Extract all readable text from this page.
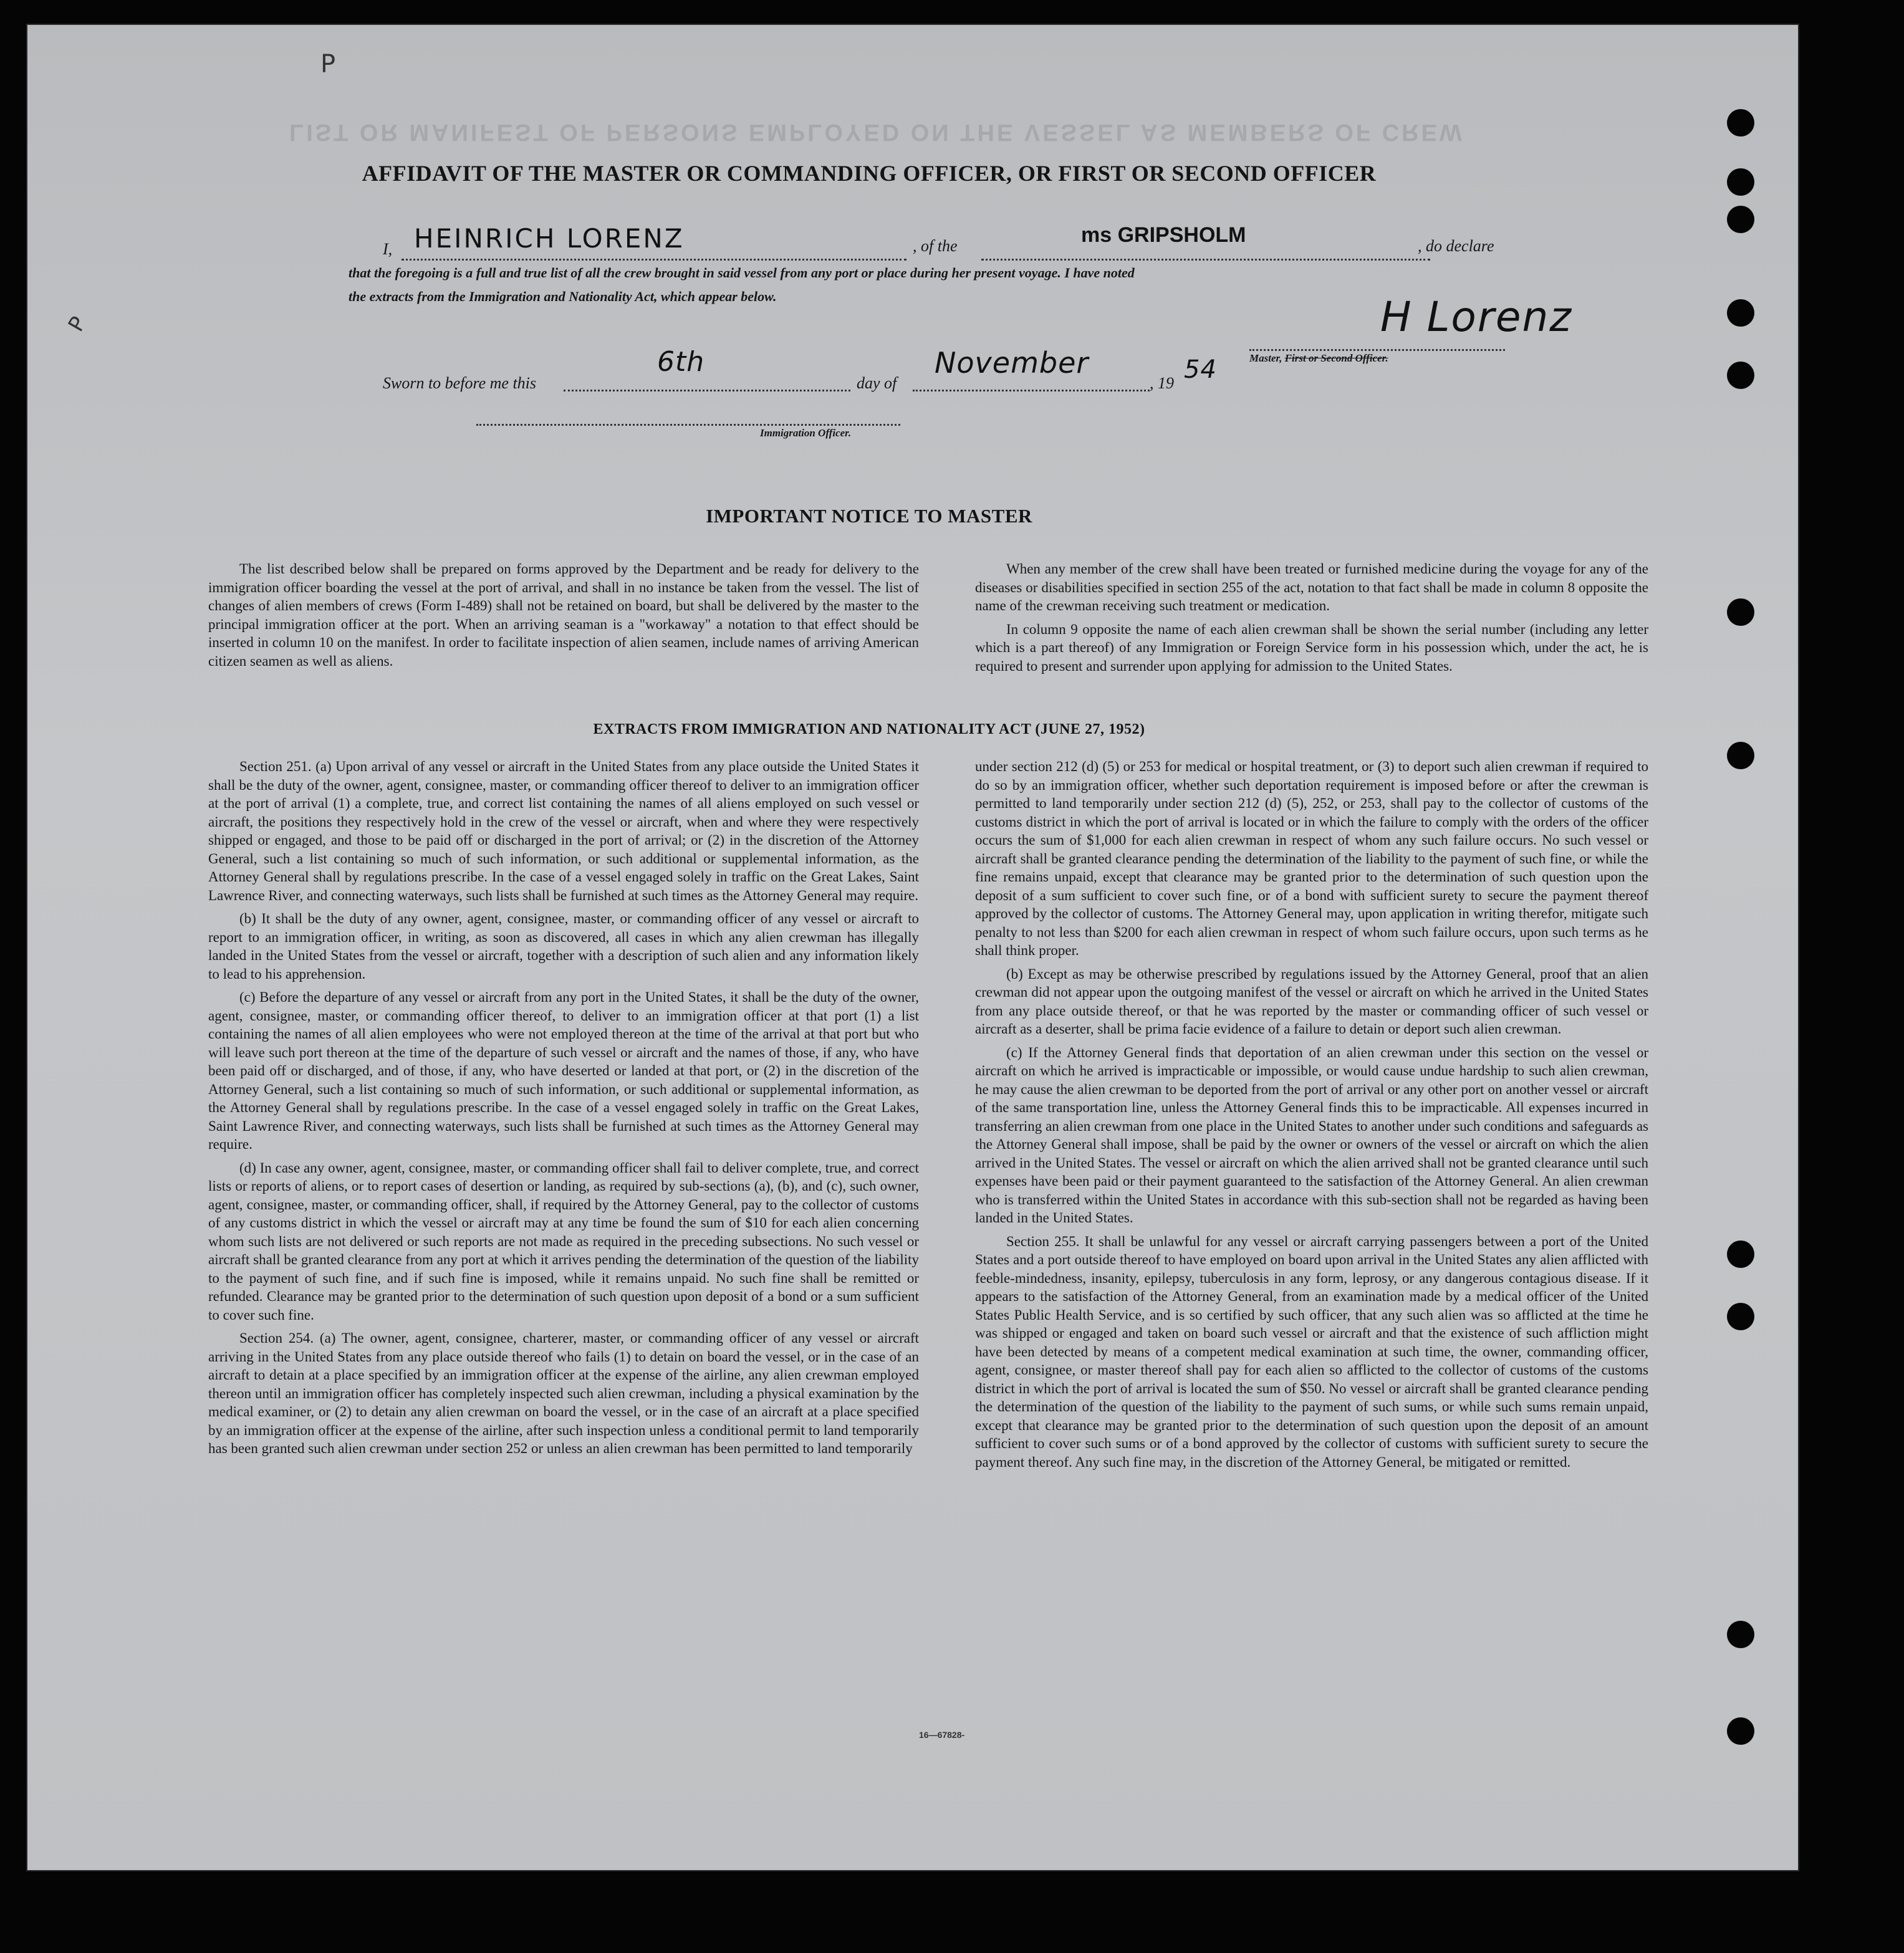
LIST OR MANIFEST OF PERSONS EMPLOYED ON THE VESSEL AS MEMBERS OF CREW
P
P
AFFIDAVIT OF THE MASTER OR COMMANDING OFFICER, OR FIRST OR SECOND OFFICER
I, HEINRICH LORENZ	, of the	ms GRIPSHOLM	, do declare
that the foregoing is a full and true list of all the crew brought in said vessel from any port or place during her present voyage. I have noted
the extracts from the Immigration and Nationality Act, which appear below.	H Lorenz
Master, First or Second Officer.
Sworn to before me this
6th
day of
November
, 19 54
Immigration Officer.
IMPORTANT NOTICE TO MASTER

The list described below shall be prepared on forms approved by the Department and be ready for delivery to the immigration officer boarding the vessel at the port of arrival, and shall in no instance be taken from the vessel. The list of changes of alien members of crews (Form I-489) shall not be retained on board, but shall be delivered by the master to the principal immigration officer at the port. When an arriving seaman is a "workaway" a notation to that effect should be inserted in column 10 on the manifest. In order to facilitate inspection of alien seamen, include names of arriving American citizen seamen as well as aliens.

When any member of the crew shall have been treated or furnished medicine during the voyage for any of the diseases or disabilities specified in section 255 of the act, notation to that fact shall be made in column 8 opposite the name of the crewman receiving such treatment or medication.

In column 9 opposite the name of each alien crewman shall be shown the serial number (including any letter which is a part thereof) of any Immigration or Foreign Service form in his possession which, under the act, he is required to present and surrender upon applying for admission to the United States.

EXTRACTS FROM IMMIGRATION AND NATIONALITY ACT (JUNE 27, 1952)

Section 251. (a) Upon arrival of any vessel or aircraft in the United States from any place outside the United States it shall be the duty of the owner, agent, consignee, master, or commanding officer thereof to deliver to an immigration officer at the port of arrival (1) a complete, true, and correct list containing the names of all aliens employed on such vessel or aircraft, the positions they respectively hold in the crew of the vessel or aircraft, when and where they were respectively shipped or engaged, and those to be paid off or discharged in the port of arrival; or (2) in the discretion of the Attorney General, such a list containing so much of such information, or such additional or supplemental information, as the Attorney General shall by regulations prescribe. In the case of a vessel engaged solely in traffic on the Great Lakes, Saint Lawrence River, and connecting waterways, such lists shall be furnished at such times as the Attorney General may require.

(b) It shall be the duty of any owner, agent, consignee, master, or commanding officer of any vessel or aircraft to report to an immigration officer, in writing, as soon as discovered, all cases in which any alien crewman has illegally landed in the United States from the vessel or aircraft, together with a description of such alien and any information likely to lead to his apprehension.

(c) Before the departure of any vessel or aircraft from any port in the United States, it shall be the duty of the owner, agent, consignee, master, or commanding officer thereof, to deliver to an immigration officer at that port (1) a list containing the names of all alien employees who were not employed thereon at the time of the arrival at that port but who will leave such port thereon at the time of the departure of such vessel or aircraft and the names of those, if any, who have been paid off or discharged, and of those, if any, who have deserted or landed at that port, or (2) in the discretion of the Attorney General, such a list containing so much of such information, or such additional or supplemental information, as the Attorney General shall by regulations prescribe. In the case of a vessel engaged solely in traffic on the Great Lakes, Saint Lawrence River, and connecting waterways, such lists shall be furnished at such times as the Attorney General may require.

(d) In case any owner, agent, consignee, master, or commanding officer shall fail to deliver complete, true, and correct lists or reports of aliens, or to report cases of desertion or landing, as required by sub-sections (a), (b), and (c), such owner, agent, consignee, master, or commanding officer, shall, if required by the Attorney General, pay to the collector of customs of any customs district in which the vessel or aircraft may at any time be found the sum of $10 for each alien concerning whom such lists are not delivered or such reports are not made as required in the preceding subsections. No such vessel or aircraft shall be granted clearance from any port at which it arrives pending the determination of the question of the liability to the payment of such fine, and if such fine is imposed, while it remains unpaid. No such fine shall be remitted or refunded. Clearance may be granted prior to the determination of such question upon deposit of a bond or a sum sufficient to cover such fine.

Section 254. (a) The owner, agent, consignee, charterer, master, or commanding officer of any vessel or aircraft arriving in the United States from any place outside thereof who fails (1) to detain on board the vessel, or in the case of an aircraft to detain at a place specified by an immigration officer at the expense of the airline, any alien crewman employed thereon until an immigration officer has completely inspected such alien crewman, including a physical examination by the medical examiner, or (2) to detain any alien crewman on board the vessel, or in the case of an aircraft at a place specified by an immigration officer at the expense of the airline, after such inspection unless a conditional permit to land temporarily has been granted such alien crewman under section 252 or unless an alien crewman has been permitted to land temporarily

under section 212 (d) (5) or 253 for medical or hospital treatment, or (3) to deport such alien crewman if required to do so by an immigration officer, whether such deportation requirement is imposed before or after the crewman is permitted to land temporarily under section 212 (d) (5), 252, or 253, shall pay to the collector of customs of the customs district in which the port of arrival is located or in which the failure to comply with the orders of the officer occurs the sum of $1,000 for each alien crewman in respect of whom any such failure occurs. No such vessel or aircraft shall be granted clearance pending the determination of the liability to the payment of such fine, or while the fine remains unpaid, except that clearance may be granted prior to the determination of such question upon the deposit of a sum sufficient to cover such fine, or of a bond with sufficient surety to secure the payment thereof approved by the collector of customs. The Attorney General may, upon application in writing therefor, mitigate such penalty to not less than $200 for each alien crewman in respect of whom such failure occurs, upon such terms as he shall think proper.

(b) Except as may be otherwise prescribed by regulations issued by the Attorney General, proof that an alien crewman did not appear upon the outgoing manifest of the vessel or aircraft on which he arrived in the United States from any place outside thereof, or that he was reported by the master or commanding officer of such vessel or aircraft as a deserter, shall be prima facie evidence of a failure to detain or deport such alien crewman.

(c) If the Attorney General finds that deportation of an alien crewman under this section on the vessel or aircraft on which he arrived is impracticable or impossible, or would cause undue hardship to such alien crewman, he may cause the alien crewman to be deported from the port of arrival or any other port on another vessel or aircraft of the same transportation line, unless the Attorney General finds this to be impracticable. All expenses incurred in transferring an alien crewman from one place in the United States to another under such conditions and safeguards as the Attorney General shall impose, shall be paid by the owner or owners of the vessel or aircraft on which the alien arrived in the United States. The vessel or aircraft on which the alien arrived shall not be granted clearance until such expenses have been paid or their payment guaranteed to the satisfaction of the Attorney General. An alien crewman who is transferred within the United States in accordance with this sub-section shall not be regarded as having been landed in the United States.

Section 255. It shall be unlawful for any vessel or aircraft carrying passengers between a port of the United States and a port outside thereof to have employed on board upon arrival in the United States any alien afflicted with feeble-mindedness, insanity, epilepsy, tuberculosis in any form, leprosy, or any dangerous contagious disease. If it appears to the satisfaction of the Attorney General, from an examination made by a medical officer of the United States Public Health Service, and is so certified by such officer, that any such alien was so afflicted at the time he was shipped or engaged and taken on board such vessel or aircraft and that the existence of such affliction might have been detected by means of a competent medical examination at such time, the owner, commanding officer, agent, consignee, or master thereof shall pay for each alien so afflicted to the collector of customs of the customs district in which the port of arrival is located the sum of $50. No vessel or aircraft shall be granted clearance pending the determination of the question of the liability to the payment of such sums, or while such sums remain unpaid, except that clearance may be granted prior to the determination of such question upon the deposit of an amount sufficient to cover such sums or of a bond approved by the collector of customs with sufficient surety to secure the payment thereof. Any such fine may, in the discretion of the Attorney General, be mitigated or remitted.

16—67828-
